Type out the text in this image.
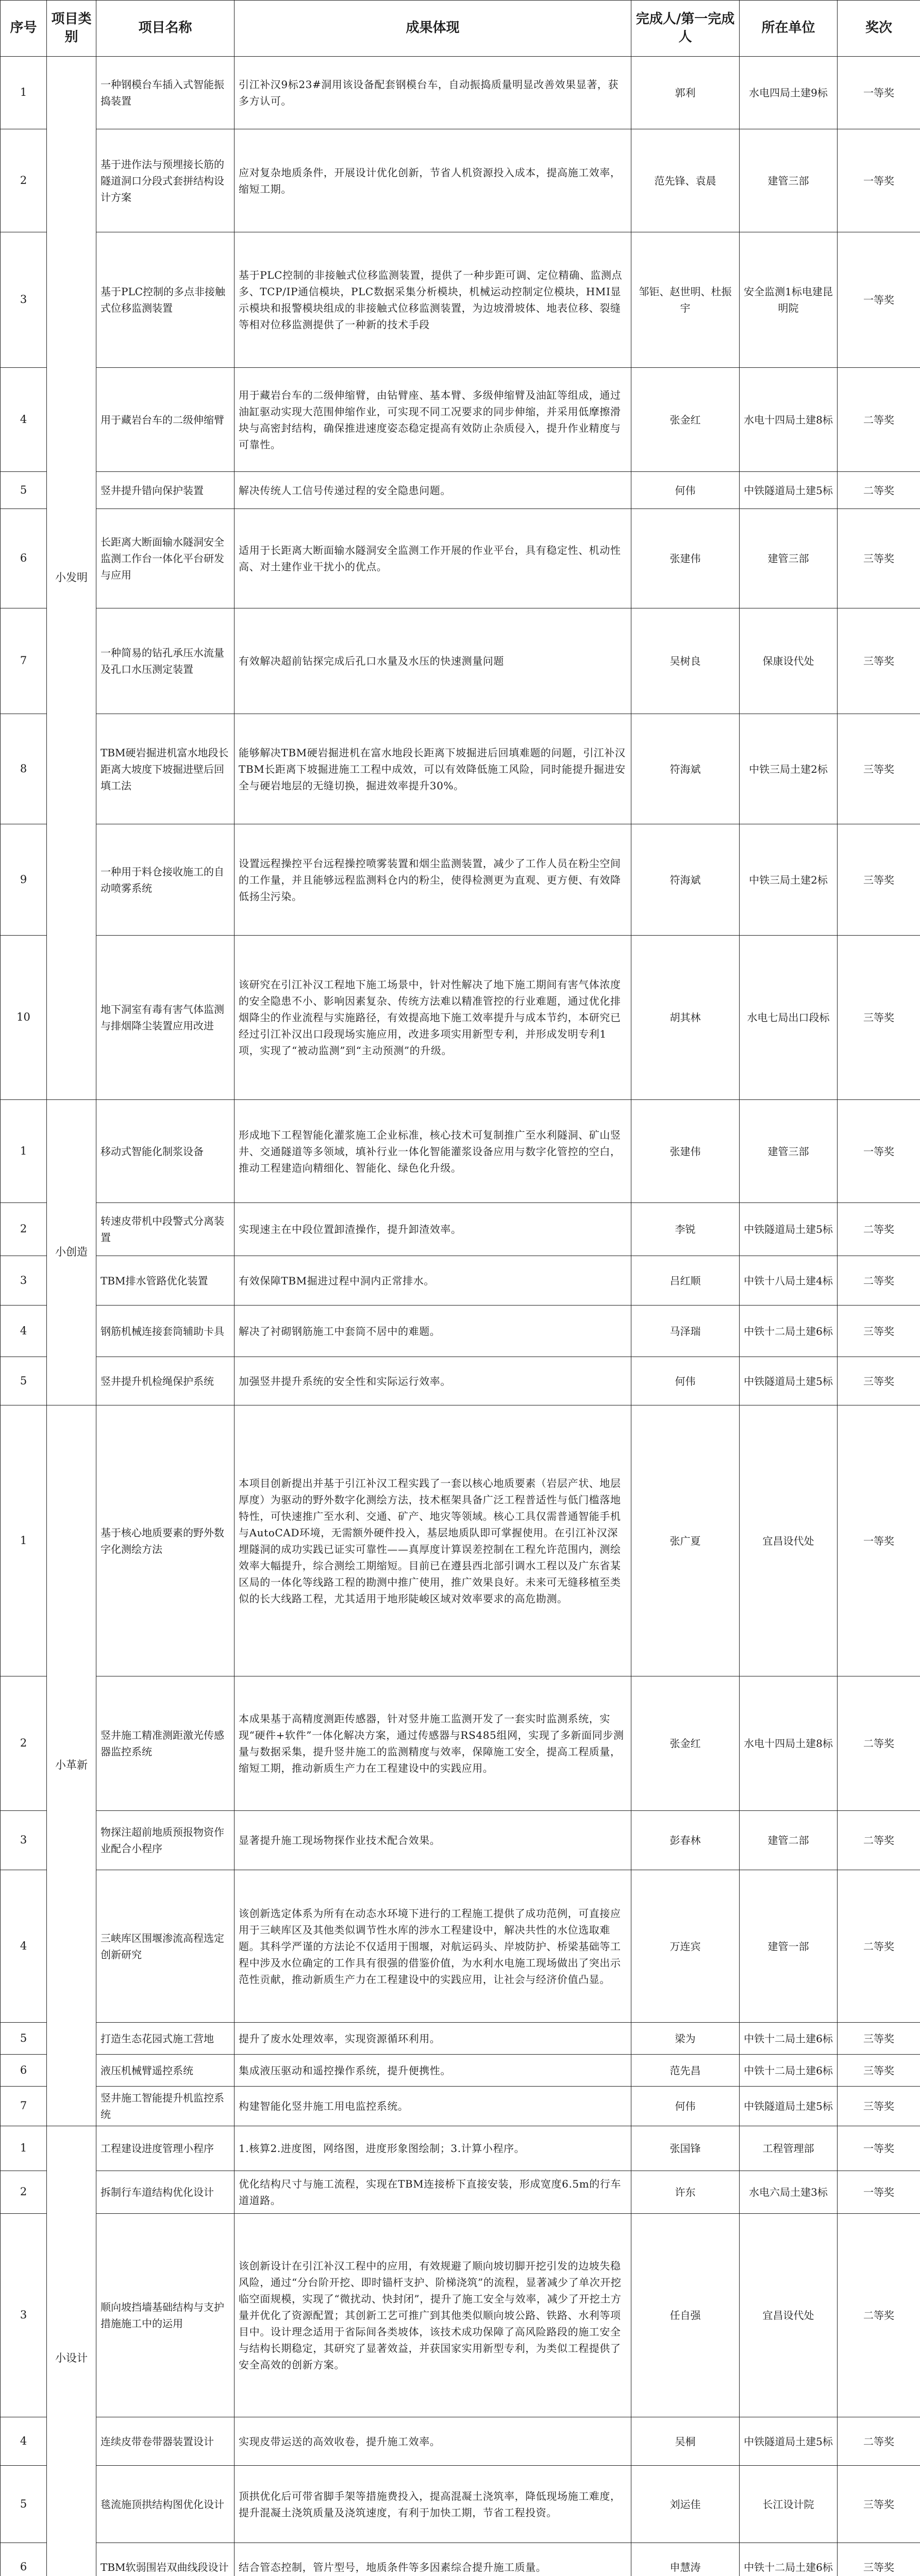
序号	项目类别	项目名称	成果体现	完成人/第一完成人	所在单位	奖次
1	小发明	一种钢模台车插入式智能振捣装置	引江补汉9标23#洞用该设备配套钢模台车，自动振捣质量明显改善效果显著，获多方认可。	郭利	水电四局土建9标	一等奖
2		基于进作法与预埋接长筋的隧道洞口分段式套拼结构设计方案	应对复杂地质条件，开展设计优化创新，节省人机资源投入成本，提高施工效率，缩短工期。	范先锋、袁晨	建管三部	一等奖
3		基于PLC控制的多点非接触式位移监测装置	基于PLC控制的非接触式位移监测装置，提供了一种步距可调、定位精确、监测点多、TCP/IP通信模块，PLC数据采集分析模块，机械运动控制定位模块，HMI显示模块和报警模块组成的非接触式位移监测装置，为边坡滑坡体、地表位移、裂缝等相对位移监测提供了一种新的技术手段	邹钜、赵世明、杜振宇	安全监测1标电建昆明院	一等奖
4		用于藏岩台车的二级伸缩臂	用于藏岩台车的二级伸缩臂，由钻臂座、基本臂、多级伸缩臂及油缸等组成，通过油缸驱动实现大范围伸缩作业，可实现不同工况要求的同步伸缩，并采用低摩擦滑块与高密封结构，确保推进速度姿态稳定提高有效防止杂质侵入，提升作业精度与可靠性。	张金红	水电十四局土建8标	二等奖
5		竖井提升错向保护装置	解决传统人工信号传递过程的安全隐患问题。	何伟	中铁隧道局土建5标	二等奖
6		长距离大断面输水隧洞安全监测工作台一体化平台研发与应用	适用于长距离大断面输水隧洞安全监测工作开展的作业平台，具有稳定性、机动性高、对土建作业干扰小的优点。	张建伟	建管三部	三等奖
7		一种简易的钻孔承压水流量及孔口水压测定装置	有效解决超前钻探完成后孔口水量及水压的快速测量问题	吴树良	保康设代处	三等奖
8		TBM硬岩掘进机富水地段长距离大坡度下坡掘进壁后回填工法	能够解决TBM硬岩掘进机在富水地段长距离下坡掘进后回填难题的问题，引江补汉TBM长距离下坡掘进施工工程中成效，可以有效降低施工风险，同时能提升掘进安全与硬岩地层的无缝切换，掘进效率提升30%。	符海斌	中铁三局土建2标	三等奖
9		一种用于料仓接收施工的自动喷雾系统	设置远程操控平台远程操控喷雾装置和烟尘监测装置，减少了工作人员在粉尘空间的工作量，并且能够远程监测料仓内的粉尘，使得检测更为直观、更方便、有效降低扬尘污染。	符海斌	中铁三局土建2标	三等奖
10		地下洞室有毒有害气体监测与排烟降尘装置应用改进	该研究在引江补汉工程地下施工场景中，针对性解决了地下施工期间有害气体浓度的安全隐患不小、影响因素复杂、传统方法难以精准管控的行业难题，通过优化排烟降尘的作业流程与实施路径，有效提高地下施工效率提升与成本节约，本研究已经过引江补汉出口段现场实施应用，改进多项实用新型专利，并形成发明专利1项，实现了“被动监测”到“主动预测”的升级。	胡其林	水电七局出口段标	三等奖
1	小创造	移动式智能化制浆设备	形成地下工程智能化灌浆施工企业标准，核心技术可复制推广至水利隧洞、矿山竖井、交通隧道等多领域，填补行业一体化智能灌浆设备应用与数字化管控的空白，推动工程建造向精细化、智能化、绿色化升级。	张建伟	建管三部	一等奖
2		转速皮带机中段警式分离装置	实现速主在中段位置卸渣操作，提升卸渣效率。	李锐	中铁隧道局土建5标	二等奖
3		TBM排水管路优化装置	有效保障TBM掘进过程中洞内正常排水。	吕红顺	中铁十八局土建4标	二等奖
4		钢筋机械连接套筒辅助卡具	解决了衬砌钢筋施工中套筒不居中的难题。	马泽瑞	中铁十二局土建6标	三等奖
5		竖井提升机检绳保护系统	加强竖井提升系统的安全性和实际运行效率。	何伟	中铁隧道局土建5标	三等奖
1	小革新	基于核心地质要素的野外数字化测绘方法	本项目创新提出并基于引江补汉工程实践了一套以核心地质要素（岩层产状、地层厚度）为驱动的野外数字化测绘方法，技术框架具备广泛工程普适性与低门槛落地特性，可快速推广至水利、交通、矿产、地灾等领域。核心工具仅需普通智能手机与AutoCAD环境，无需额外硬件投入，基层地质队即可掌握使用。在引江补汉深埋隧洞的成功实践已证实可靠性——真厚度计算误差控制在工程允许范围内，测绘效率大幅提升，综合测绘工期缩短。目前已在遵县西北部引调水工程以及广东省某区局的一体化等线路工程的勘测中推广使用，推广效果良好。未来可无缝移植至类似的长大线路工程，尤其适用于地形陡峻区域对效率要求的高危勘测。	张广夏	宜昌设代处	一等奖
2		竖井施工精准测距激光传感器监控系统	本成果基于高精度测距传感器，针对竖井施工监测开发了一套实时监测系统，实现“硬件+软件”一体化解决方案，通过传感器与RS485组网，实现了多新面同步测量与数据采集，提升竖井施工的监测精度与效率，保障施工安全，提高工程质量，缩短工期，推动新质生产力在工程建设中的实践应用。	张金红	水电十四局土建8标	二等奖
3		物探注超前地质预报物资作业配合小程序	显著提升施工现场物探作业技术配合效果。	彭春林	建管二部	二等奖
4		三峡库区围堰渗流高程选定创新研究	该创新选定体系为所有在动态水环境下进行的工程施工提供了成功范例，可直接应用于三峡库区及其他类似调节性水库的涉水工程建设中，解决共性的水位选取难题。其科学严谨的方法论不仅适用于围堰，对航运码头、岸坡防护、桥梁基础等工程中涉及水位确定的工作具有很强的借鉴价值，为水利水电施工现场做出了突出示范性贡献，推动新质生产力在工程建设中的实践应用，让社会与经济价值凸显。	万连宾	建管一部	二等奖
5		打造生态花园式施工营地	提升了废水处理效率，实现资源循环利用。	梁为	中铁十二局土建6标	三等奖
6		液压机械臂遥控系统	集成液压驱动和遥控操作系统，提升便携性。	范先昌	中铁十二局土建6标	三等奖
7		竖井施工智能提升机监控系统	构建智能化竖井施工用电监控系统。	何伟	中铁隧道局土建5标	三等奖
1	小设计	工程建设进度管理小程序	1.核算2.进度图，网络图，进度形象图绘制；3.计算小程序。	张国锋	工程管理部	一等奖
2		拆制行车道结构优化设计	优化结构尺寸与施工流程，实现在TBM连接桥下直接安装，形成宽度6.5m的行车道道路。	许东	水电六局土建3标	一等奖
3		顺向坡挡墙基础结构与支护措施施工中的运用	该创新设计在引江补汉工程中的应用，有效规避了顺向坡切脚开挖引发的边坡失稳风险，通过“分台阶开挖、即时锚杆支护、阶梯浇筑”的流程，显著减少了单次开挖临空面规模，实现了“微扰动、快封闭”，提升了施工安全与效率，减少了开挖土方量并优化了资源配置；其创新工艺可推广到其他类似顺向坡公路、铁路、水利等项目中。设计理念适用于省际间各类坡体，该技术成功保障了高风险路段的施工安全与结构长期稳定，其研究了显著效益，并获国家实用新型专利，为类似工程提供了安全高效的创新方案。	任自强	宜昌设代处	二等奖
4		连续皮带卷带器装置设计	实现皮带运送的高效收卷，提升施工效率。	吴桐	中铁隧道局土建5标	二等奖
5		毯流施顶拱结构图优化设计	顶拱优化后可带省脚手架等措施费投入，提高混凝土浇筑率，降低现场施工难度，提升混凝土浇筑质量及浇筑速度，有利于加快工期，节省工程投资。	刘运佳	长江设计院	三等奖
6		TBM软弱围岩双曲线段设计	结合管态控制，管片型号，地质条件等多因素综合提升施工质量。	申慧涛	中铁十二局土建6标	三等奖
